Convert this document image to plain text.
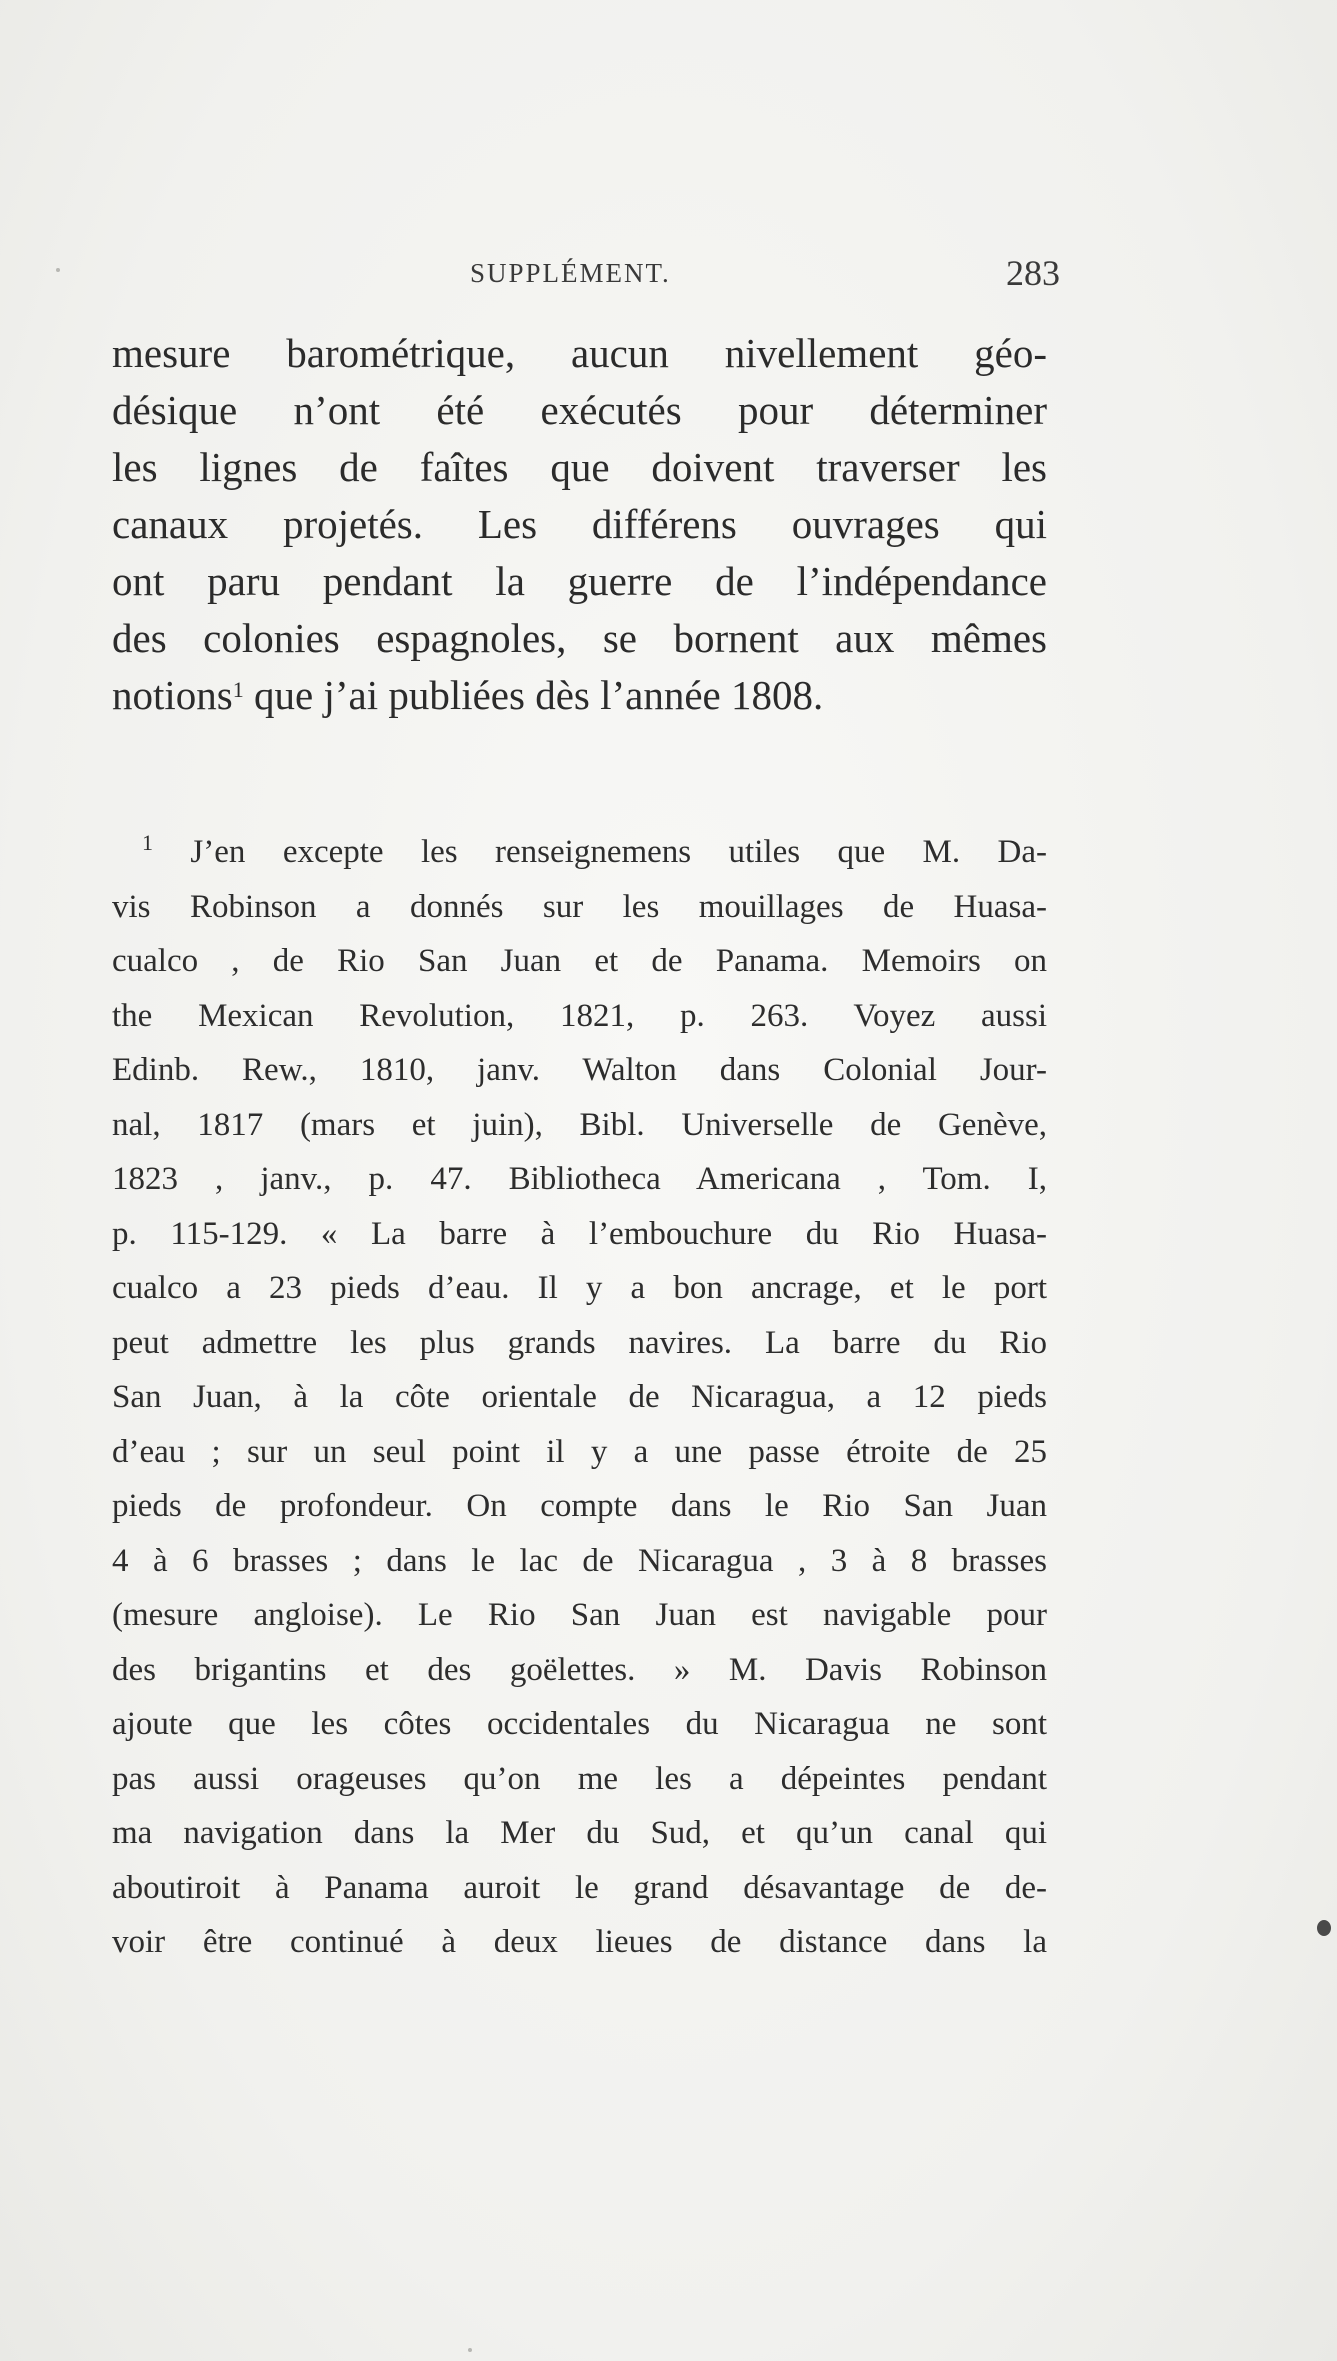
SUPPLÉMENT.	283
mesure barométrique, aucun nivellement géo-
désique n’ont été exécutés pour déterminer
les lignes de faîtes que doivent traverser les
canaux projetés. Les différens ouvrages qui
ont paru pendant la guerre de l’indépendance
des colonies espagnoles, se bornent aux mêmes
notions$^1$ que j’ai publiées dès l’année 1808.
$^1$ J’en excepte les renseignemens utiles que M. Da-
vis Robinson a donnés sur les mouillages de Huasa-
cualco , de Rio San Juan et de Panama. Memoirs on
the Mexican Revolution, 1821, p. 263. Voyez aussi
Edinb. Rew., 1810, janv. Walton dans Colonial Jour-
nal, 1817 (mars et juin), Bibl. Universelle de Genève,
1823 , janv., p. 47. Bibliotheca Americana , Tom. I,
p. 115-129. « La barre à l’embouchure du Rio Huasa-
cualco a 23 pieds d’eau. Il y a bon ancrage, et le port
peut admettre les plus grands navires. La barre du Rio
San Juan, à la côte orientale de Nicaragua, a 12 pieds
d’eau ; sur un seul point il y a une passe étroite de 25
pieds de profondeur. On compte dans le Rio San Juan
4 à 6 brasses ; dans le lac de Nicaragua , 3 à 8 brasses
(mesure angloise). Le Rio San Juan est navigable pour
des brigantins et des goëlettes. » M. Davis Robinson
ajoute que les côtes occidentales du Nicaragua ne sont
pas aussi orageuses qu’on me les a dépeintes pendant
ma navigation dans la Mer du Sud, et qu’un canal qui
aboutiroit à Panama auroit le grand désavantage de de-
voir être continué à deux lieues de distance dans la
